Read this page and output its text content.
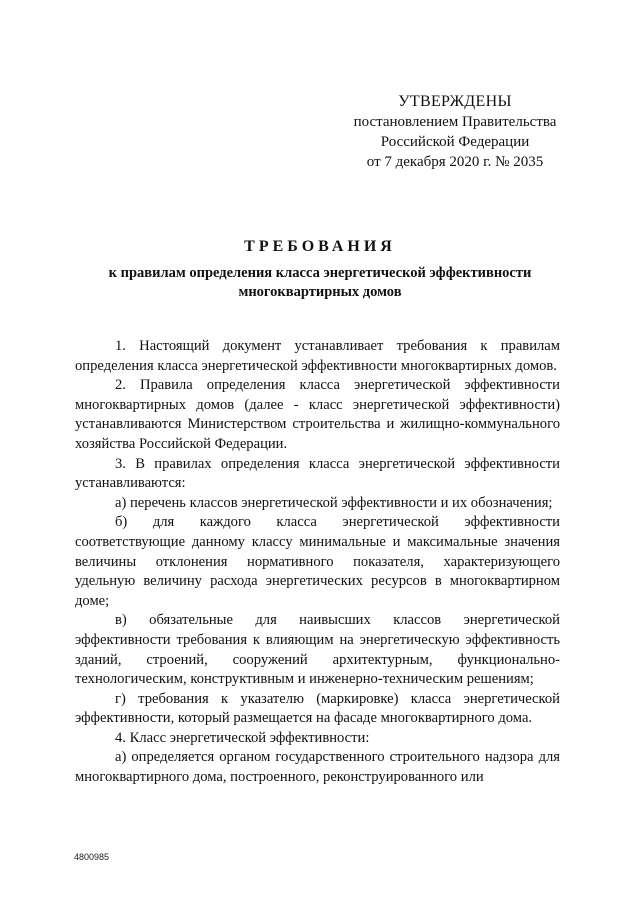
УТВЕРЖДЕНЫ
постановлением Правительства
Российской Федерации
от 7 декабря 2020 г. № 2035
ТРЕБОВАНИЯ
к правилам определения класса энергетической эффективности
многоквартирных домов

1. Настоящий документ устанавливает требования к правилам определения класса энергетической эффективности многоквартирных домов.

2. Правила определения класса энергетической эффективности многоквартирных домов (далее - класс энергетической эффективности) устанавливаются Министерством строительства и жилищно-коммунального хозяйства Российской Федерации.

3. В правилах определения класса энергетической эффективности устанавливаются:

а) перечень классов энергетической эффективности и их обозначения;

б) для каждого класса энергетической эффективности соответствующие данному классу минимальные и максимальные значения величины отклонения нормативного показателя, характеризующего удельную величину расхода энергетических ресурсов в многоквартирном доме;

в) обязательные для наивысших классов энергетической эффективности требования к влияющим на энергетическую эффективность зданий, строений, сооружений архитектурным, функционально-технологическим, конструктивным и инженерно-техническим решениям;

г) требования к указателю (маркировке) класса энергетической эффективности, который размещается на фасаде многоквартирного дома.

4. Класс энергетической эффективности:

а) определяется органом государственного строительного надзора для многоквартирного дома, построенного, реконструированного или

4800985
